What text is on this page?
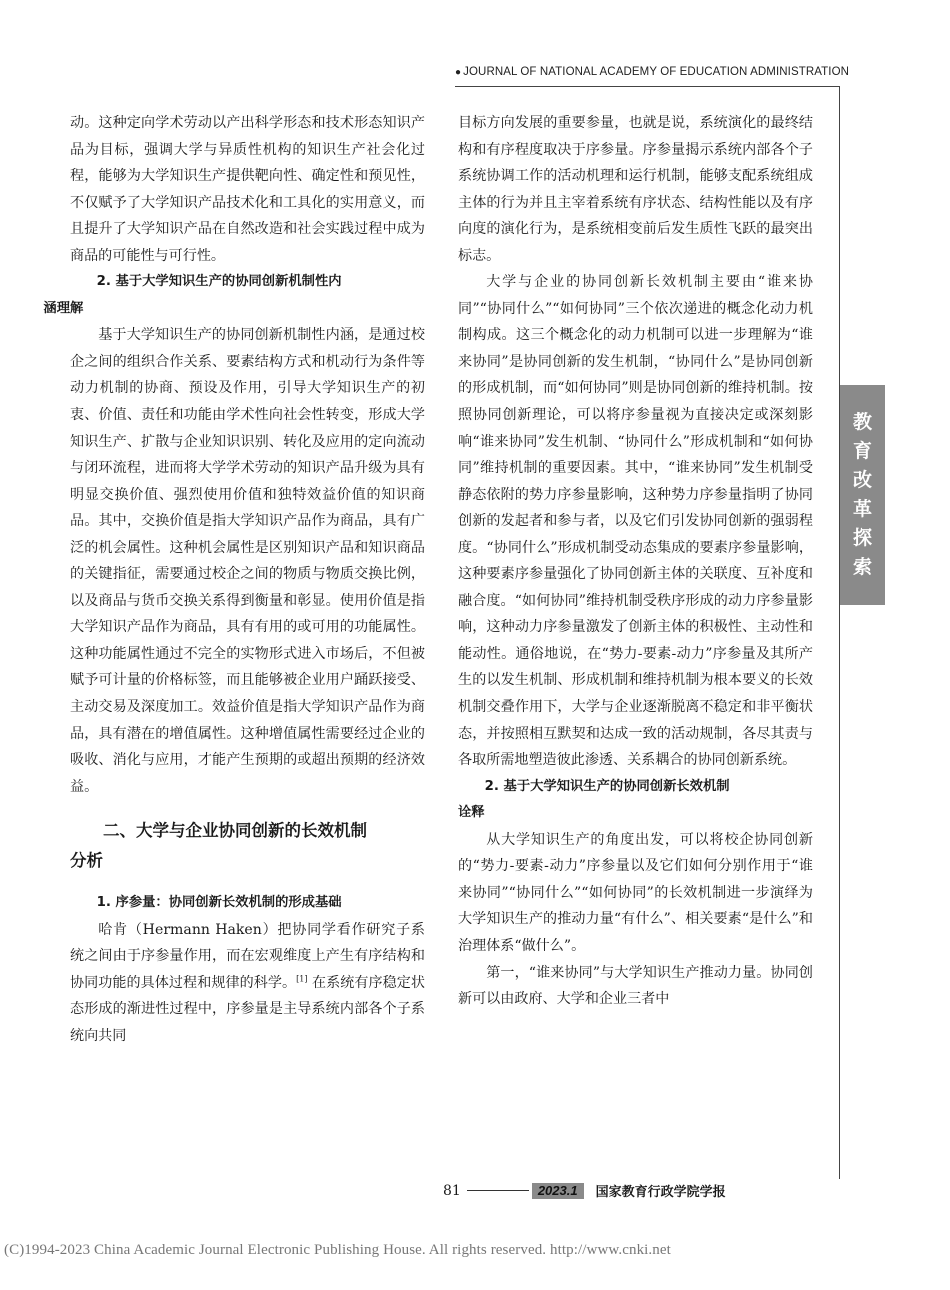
● JOURNAL OF NATIONAL ACADEMY OF EDUCATION ADMINISTRATION

动。这种定向学术劳动以产出科学形态和技术形态知识产品为目标，强调大学与异质性机构的知识生产社会化过程，能够为大学知识生产提供靶向性、确定性和预见性，不仅赋予了大学知识产品技术化和工具化的实用意义，而且提升了大学知识产品在自然改造和社会实践过程中成为商品的可能性与可行性。

2. 基于大学知识生产的协同创新机制性内
涵理解

基于大学知识生产的协同创新机制性内涵，是通过校企之间的组织合作关系、要素结构方式和机动行为条件等动力机制的协商、预设及作用，引导大学知识生产的初衷、价值、责任和功能由学术性向社会性转变，形成大学知识生产、扩散与企业知识识别、转化及应用的定向流动与闭环流程，进而将大学学术劳动的知识产品升级为具有明显交换价值、强烈使用价值和独特效益价值的知识商品。其中，交换价值是指大学知识产品作为商品，具有广泛的机会属性。这种机会属性是区别知识产品和知识商品的关键指征，需要通过校企之间的物质与物质交换比例，以及商品与货币交换关系得到衡量和彰显。使用价值是指大学知识产品作为商品，具有有用的或可用的功能属性。这种功能属性通过不完全的实物形式进入市场后，不但被赋予可计量的价格标签，而且能够被企业用户踊跃接受、主动交易及深度加工。效益价值是指大学知识产品作为商品，具有潜在的增值属性。这种增值属性需要经过企业的吸收、消化与应用，才能产生预期的或超出预期的经济效益。

二、大学与企业协同创新的长效机制
分析

1. 序参量：协同创新长效机制的形成基础

哈肯（Hermann Haken）把协同学看作研究子系统之间由于序参量作用，而在宏观维度上产生有序结构和协同功能的具体过程和规律的科学。[1] 在系统有序稳定状态形成的渐进性过程中，序参量是主导系统内部各个子系统向共同

目标方向发展的重要参量，也就是说，系统演化的最终结构和有序程度取决于序参量。序参量揭示系统内部各个子系统协调工作的活动机理和运行机制，能够支配系统组成主体的行为并且主宰着系统有序状态、结构性能以及有序向度的演化行为，是系统相变前后发生质性飞跃的最突出标志。

大学与企业的协同创新长效机制主要由“谁来协同”“协同什么”“如何协同”三个依次递进的概念化动力机制构成。这三个概念化的动力机制可以进一步理解为“谁来协同”是协同创新的发生机制，“协同什么”是协同创新的形成机制，而“如何协同”则是协同创新的维持机制。按照协同创新理论，可以将序参量视为直接决定或深刻影响“谁来协同”发生机制、“协同什么”形成机制和“如何协同”维持机制的重要因素。其中，“谁来协同”发生机制受静态依附的势力序参量影响，这种势力序参量指明了协同创新的发起者和参与者，以及它们引发协同创新的强弱程度。“协同什么”形成机制受动态集成的要素序参量影响，这种要素序参量强化了协同创新主体的关联度、互补度和融合度。“如何协同”维持机制受秩序形成的动力序参量影响，这种动力序参量激发了创新主体的积极性、主动性和能动性。通俗地说，在“势力-要素-动力”序参量及其所产生的以发生机制、形成机制和维持机制为根本要义的长效机制交叠作用下，大学与企业逐渐脱离不稳定和非平衡状态，并按照相互默契和达成一致的活动规制，各尽其责与各取所需地塑造彼此渗透、关系耦合的协同创新系统。

2. 基于大学知识生产的协同创新长效机制
诠释

从大学知识生产的角度出发，可以将校企协同创新的“势力-要素-动力”序参量以及它们如何分别作用于“谁来协同”“协同什么”“如何协同”的长效机制进一步演绎为大学知识生产的推动力量“有什么”、相关要素“是什么”和治理体系“做什么”。

第一，“谁来协同”与大学知识生产推动力量。协同创新可以由政府、大学和企业三者中

教
育
改
革
探
索
81	2023.1	国家教育行政学院学报
(C)1994-2023 China Academic Journal Electronic Publishing House. All rights reserved. http://www.cnki.net
